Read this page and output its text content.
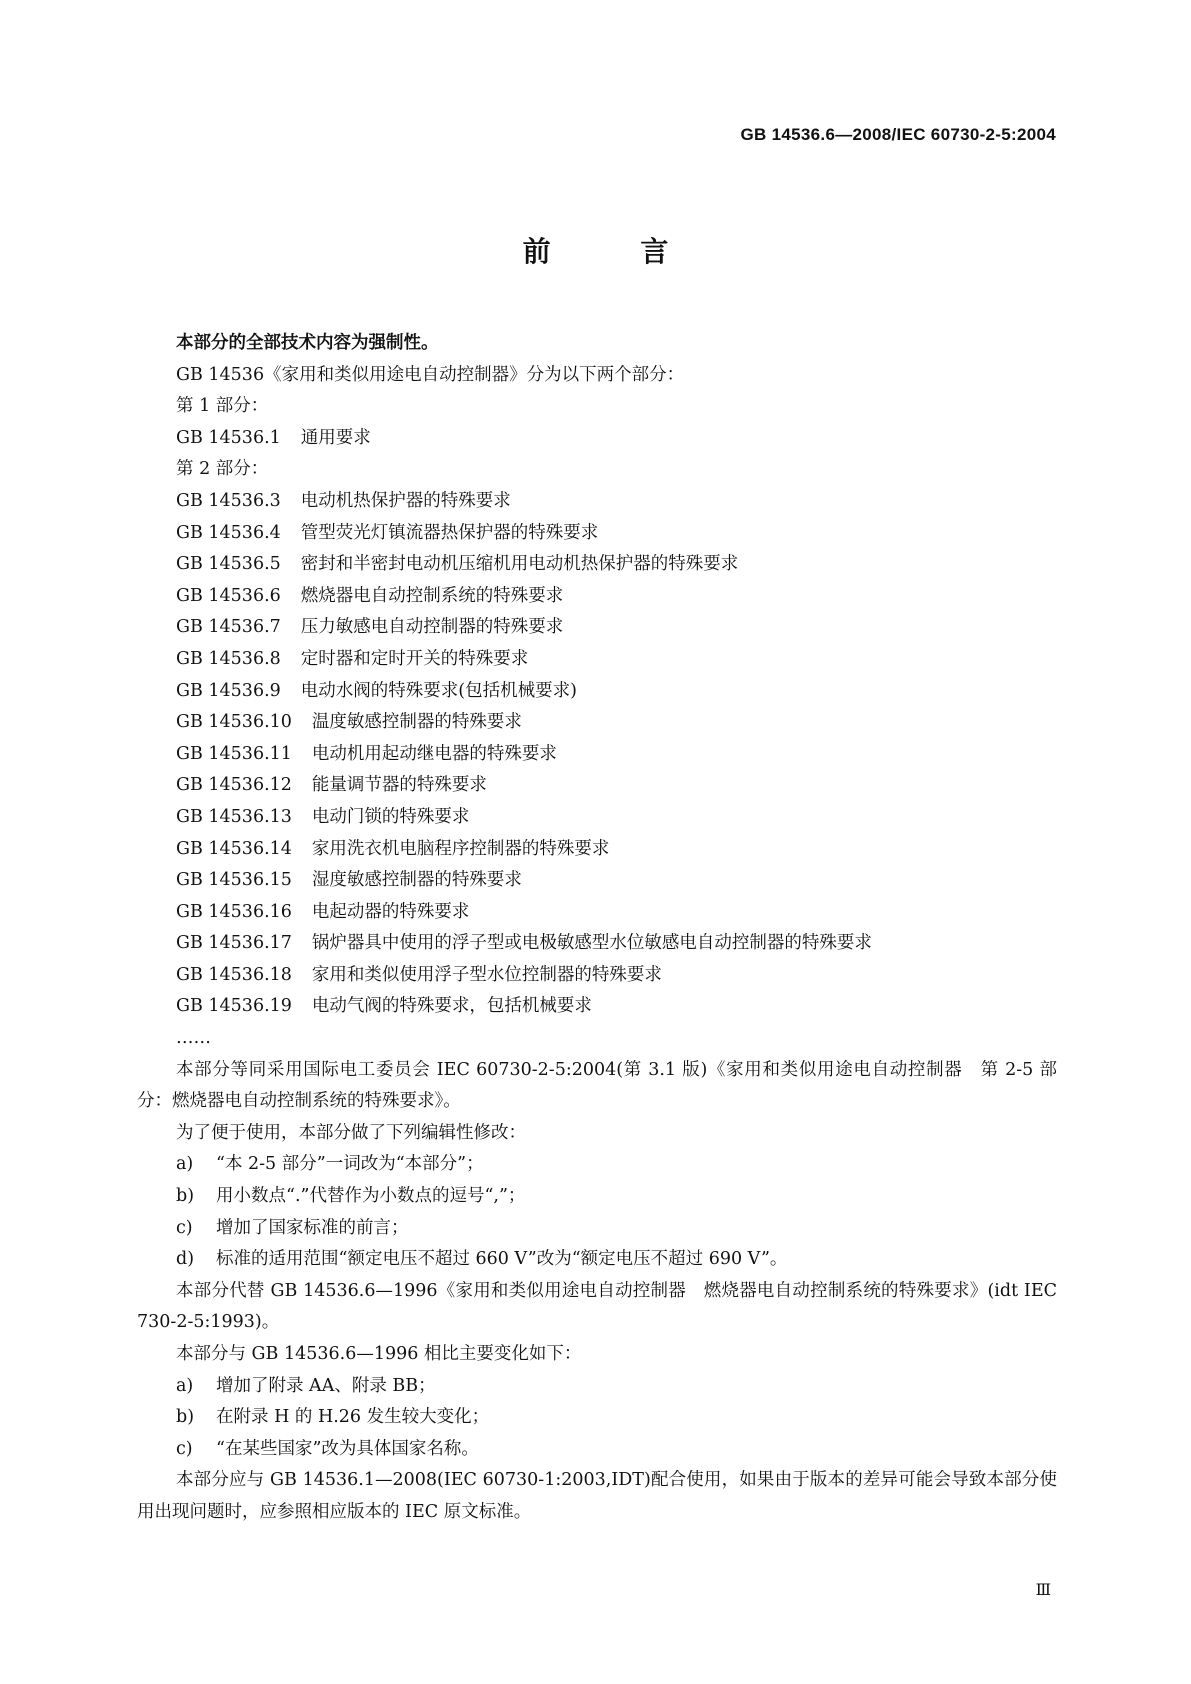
GB 14536.6—2008/IEC 60730-2-5:2004
前 言

本部分的全部技术内容为强制性。

GB 14536《家用和类似用途电自动控制器》分为以下两个部分：

第 1 部分：

GB 14536.1 通用要求

第 2 部分：

GB 14536.3 电动机热保护器的特殊要求

GB 14536.4 管型荧光灯镇流器热保护器的特殊要求

GB 14536.5 密封和半密封电动机压缩机用电动机热保护器的特殊要求

GB 14536.6 燃烧器电自动控制系统的特殊要求

GB 14536.7 压力敏感电自动控制器的特殊要求

GB 14536.8 定时器和定时开关的特殊要求

GB 14536.9 电动水阀的特殊要求(包括机械要求)

GB 14536.10 温度敏感控制器的特殊要求

GB 14536.11 电动机用起动继电器的特殊要求

GB 14536.12 能量调节器的特殊要求

GB 14536.13 电动门锁的特殊要求

GB 14536.14 家用洗衣机电脑程序控制器的特殊要求

GB 14536.15 湿度敏感控制器的特殊要求

GB 14536.16 电起动器的特殊要求

GB 14536.17 锅炉器具中使用的浮子型或电极敏感型水位敏感电自动控制器的特殊要求

GB 14536.18 家用和类似使用浮子型水位控制器的特殊要求

GB 14536.19 电动气阀的特殊要求，包括机械要求

……

本部分等同采用国际电工委员会 IEC 60730-2-5:2004(第 3.1 版)《家用和类似用途电自动控制器　第 2-5 部分：燃烧器电自动控制系统的特殊要求》。

为了便于使用，本部分做了下列编辑性修改：

a) “本 2-5 部分”一词改为“本部分”；

b) 用小数点“.”代替作为小数点的逗号“,”；

c) 增加了国家标准的前言；

d) 标准的适用范围“额定电压不超过 660 V”改为“额定电压不超过 690 V”。

本部分代替 GB 14536.6—1996《家用和类似用途电自动控制器　燃烧器电自动控制系统的特殊要求》(idt IEC 730-2-5:1993)。

本部分与 GB 14536.6—1996 相比主要变化如下：

a) 增加了附录 AA、附录 BB；

b) 在附录 H 的 H.26 发生较大变化；

c) “在某些国家”改为具体国家名称。

本部分应与 GB 14536.1—2008(IEC 60730-1:2003,IDT)配合使用，如果由于版本的差异可能会导致本部分使用出现问题时，应参照相应版本的 IEC 原文标准。

Ⅲ
